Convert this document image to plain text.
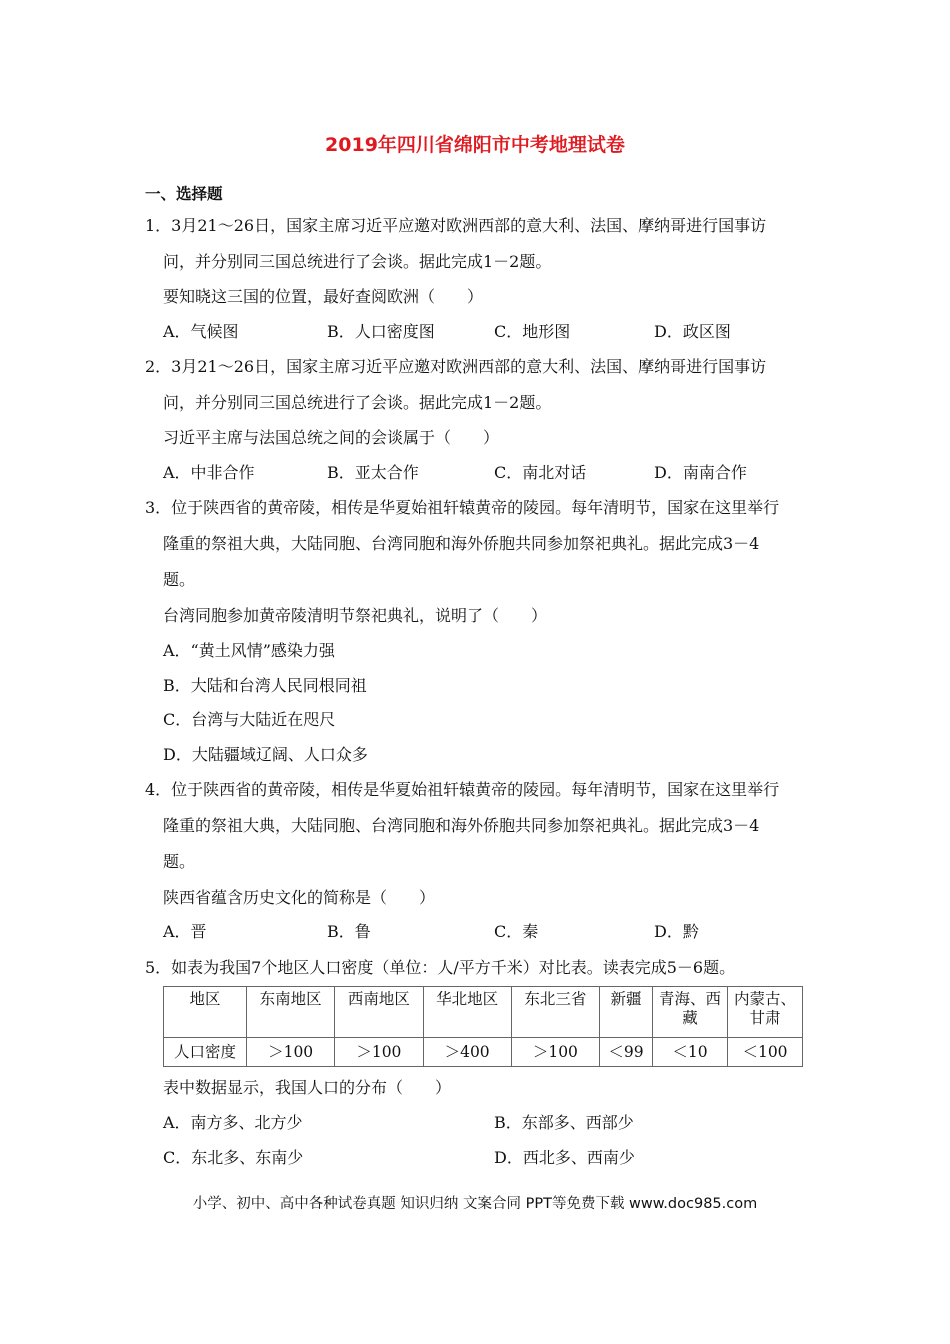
2019年四川省绵阳市中考地理试卷
一、选择题
1．3月21～26日，国家主席习近平应邀对欧洲西部的意大利、法国、摩纳哥进行国事访
问，并分别同三国总统进行了会谈。据此完成1－2题。
要知晓这三国的位置，最好查阅欧洲（　　）
A．气候图	B．人口密度图	C．地形图	D．政区图
2．3月21～26日，国家主席习近平应邀对欧洲西部的意大利、法国、摩纳哥进行国事访
问，并分别同三国总统进行了会谈。据此完成1－2题。
习近平主席与法国总统之间的会谈属于（　　）
A．中非合作	B．亚太合作	C．南北对话	D．南南合作
3．位于陕西省的黄帝陵，相传是华夏始祖轩辕黄帝的陵园。每年清明节，国家在这里举行
隆重的祭祖大典，大陆同胞、台湾同胞和海外侨胞共同参加祭祀典礼。据此完成3－4
题。
台湾同胞参加黄帝陵清明节祭祀典礼，说明了（　　）
A．“黄土风情”感染力强
B．大陆和台湾人民同根同祖
C．台湾与大陆近在咫尺
D．大陆疆域辽阔、人口众多
4．位于陕西省的黄帝陵，相传是华夏始祖轩辕黄帝的陵园。每年清明节，国家在这里举行
隆重的祭祖大典，大陆同胞、台湾同胞和海外侨胞共同参加祭祀典礼。据此完成3－4
题。
陕西省蕴含历史文化的简称是（　　）
A．晋	B．鲁	C．秦	D．黔
5．如表为我国7个地区人口密度（单位：人/平方千米）对比表。读表完成5－6题。
地区	东南地区	西南地区	华北地区	东北三省	新疆	青海、西藏	内蒙古、甘肃
人口密度	＞100	＞100	＞400	＞100	＜99	＜10	＜100
表中数据显示，我国人口的分布（　　）
A．南方多、北方少	B．东部多、西部少
C．东北多、东南少	D．西北多、西南少
小学、初中、高中各种试卷真题 知识归纳 文案合同 PPT等免费下载 www.doc985.com
